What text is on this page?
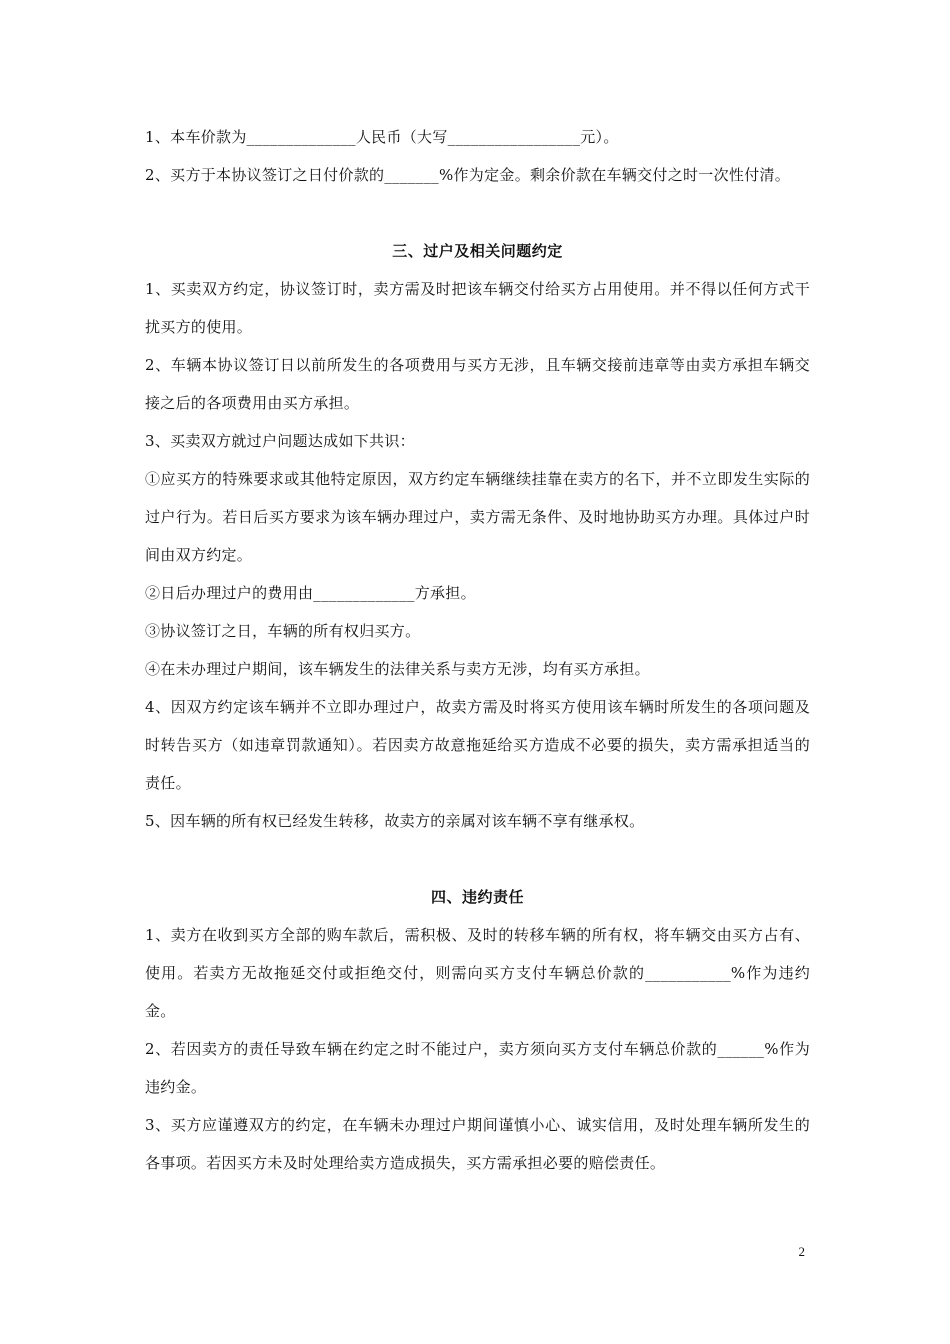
1、本车价款为______________人民币（大写_________________元）。

2、买方于本协议签订之日付价款的_______%作为定金。剩余价款在车辆交付之时一次性付清。

三、过户及相关问题约定

1、买卖双方约定，协议签订时，卖方需及时把该车辆交付给买方占用使用。并不得以任何方式干扰买方的使用。

2、车辆本协议签订日以前所发生的各项费用与买方无涉，且车辆交接前违章等由卖方承担车辆交接之后的各项费用由买方承担。

3、买卖双方就过户问题达成如下共识：

①应买方的特殊要求或其他特定原因，双方约定车辆继续挂靠在卖方的名下，并不立即发生实际的过户行为。若日后买方要求为该车辆办理过户，卖方需无条件、及时地协助买方办理。具体过户时间由双方约定。

②日后办理过户的费用由_____________方承担。

③协议签订之日，车辆的所有权归买方。

④在未办理过户期间，该车辆发生的法律关系与卖方无涉，均有买方承担。

4、因双方约定该车辆并不立即办理过户，故卖方需及时将买方使用该车辆时所发生的各项问题及时转告买方（如违章罚款通知）。若因卖方故意拖延给买方造成不必要的损失，卖方需承担适当的责任。

5、因车辆的所有权已经发生转移，故卖方的亲属对该车辆不享有继承权。

四、违约责任

1、卖方在收到买方全部的购车款后，需积极、及时的转移车辆的所有权，将车辆交由买方占有、使用。若卖方无故拖延交付或拒绝交付，则需向买方支付车辆总价款的___________%作为违约金。

2、若因卖方的责任导致车辆在约定之时不能过户，卖方须向买方支付车辆总价款的______%作为违约金。

3、买方应谨遵双方的约定，在车辆未办理过户期间谨慎小心、诚实信用，及时处理车辆所发生的各事项。若因买方未及时处理给卖方造成损失，买方需承担必要的赔偿责任。

2
